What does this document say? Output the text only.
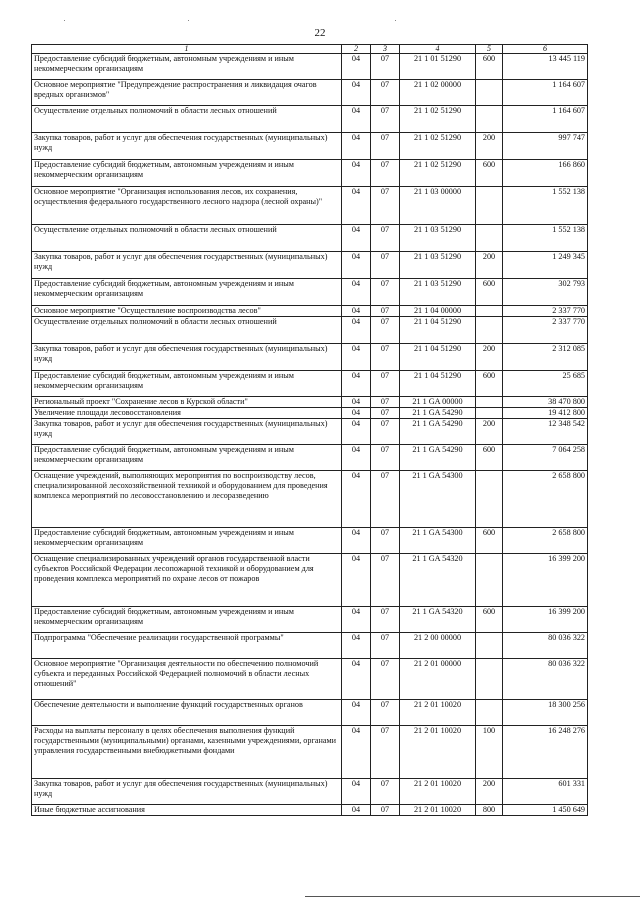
22
1	2	3	4	5	6
Предоставление субсидий бюджетным, автономным учреждениям и иным некоммерческим организациям	04	07	21 1 01 51290	600	13 445 119
Основное мероприятие "Предупреждение распространения и ликвидация очагов вредных организмов"	04	07	21 1 02 00000		1 164 607
Осуществление отдельных полномочий в области лесных отношений	04	07	21 1 02 51290		1 164 607
Закупка товаров, работ и услуг для обеспечения государственных (муниципальных) нужд	04	07	21 1 02 51290	200	997 747
Предоставление субсидий бюджетным, автономным учреждениям и иным некоммерческим организациям	04	07	21 1 02 51290	600	166 860
Основное мероприятие "Организация использования лесов, их сохранения, осуществления федерального государственного лесного надзора (лесной охраны)"	04	07	21 1 03 00000		1 552 138
Осуществление отдельных полномочий в области лесных отношений	04	07	21 1 03 51290		1 552 138
Закупка товаров, работ и услуг для обеспечения государственных (муниципальных) нужд	04	07	21 1 03 51290	200	1 249 345
Предоставление субсидий бюджетным, автономным учреждениям и иным некоммерческим организациям	04	07	21 1 03 51290	600	302 793
Основное мероприятие "Осуществление воспроизводства лесов"	04	07	21 1 04 00000		2 337 770
Осуществление отдельных полномочий в области лесных отношений	04	07	21 1 04 51290		2 337 770
Закупка товаров, работ и услуг для обеспечения государственных (муниципальных) нужд	04	07	21 1 04 51290	200	2 312 085
Предоставление субсидий бюджетным, автономным учреждениям и иным некоммерческим организациям	04	07	21 1 04 51290	600	25 685
Региональный проект "Сохранение лесов в Курской области"	04	07	21 1 GA 00000		38 470 800
Увеличение площади лесовосстановления	04	07	21 1 GA 54290		19 412 800
Закупка товаров, работ и услуг для обеспечения государственных (муниципальных) нужд	04	07	21 1 GA 54290	200	12 348 542
Предоставление субсидий бюджетным, автономным учреждениям и иным некоммерческим организациям	04	07	21 1 GA 54290	600	7 064 258
Оснащение учреждений, выполняющих мероприятия по воспроизводству лесов, специализированной лесохозяйственной техникой и оборудованием для проведения комплекса мероприятий по лесовосстановлению и лесоразведению	04	07	21 1 GA 54300		2 658 800
Предоставление субсидий бюджетным, автономным учреждениям и иным некоммерческим организациям	04	07	21 1 GA 54300	600	2 658 800
Оснащение специализированных учреждений органов государственной власти субъектов Российской Федерации лесопожарной техникой и оборудованием для проведения комплекса мероприятий по охране лесов от пожаров	04	07	21 1 GA 54320		16 399 200
Предоставление субсидий бюджетным, автономным учреждениям и иным некоммерческим организациям	04	07	21 1 GA 54320	600	16 399 200
Подпрограмма "Обеспечение реализации государственной программы"	04	07	21 2 00 00000		80 036 322
Основное мероприятие "Организация деятельности по обеспечению полномочий субъекта и переданных Российской Федерацией полномочий в области лесных отношений"	04	07	21 2 01 00000		80 036 322
Обеспечение деятельности и выполнение функций государственных органов	04	07	21 2 01 10020		18 300 256
Расходы на выплаты персоналу в целях обеспечения выполнения функций государственными (муниципальными) органами, казенными учреждениями, органами управления государственными внебюджетными фондами	04	07	21 2 01 10020	100	16 248 276
Закупка товаров, работ и услуг для обеспечения государственных (муниципальных) нужд	04	07	21 2 01 10020	200	601 331
Иные бюджетные ассигнования	04	07	21 2 01 10020	800	1 450 649
